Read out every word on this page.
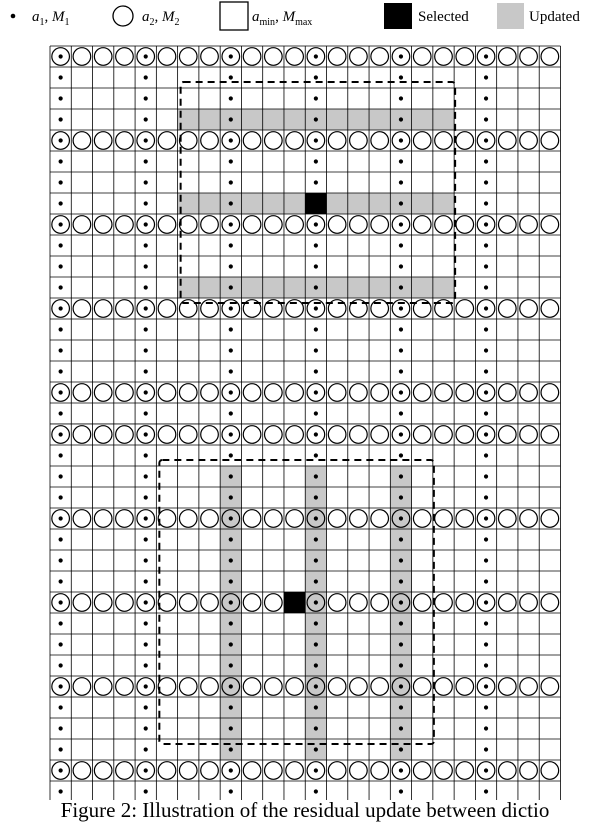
$a_1$, $M_1$	$a_2$, $M_2$	$a_{min}$, $M_{max}$	Selected	Updated
Figure 2: Illustration of the residual update between dictio
